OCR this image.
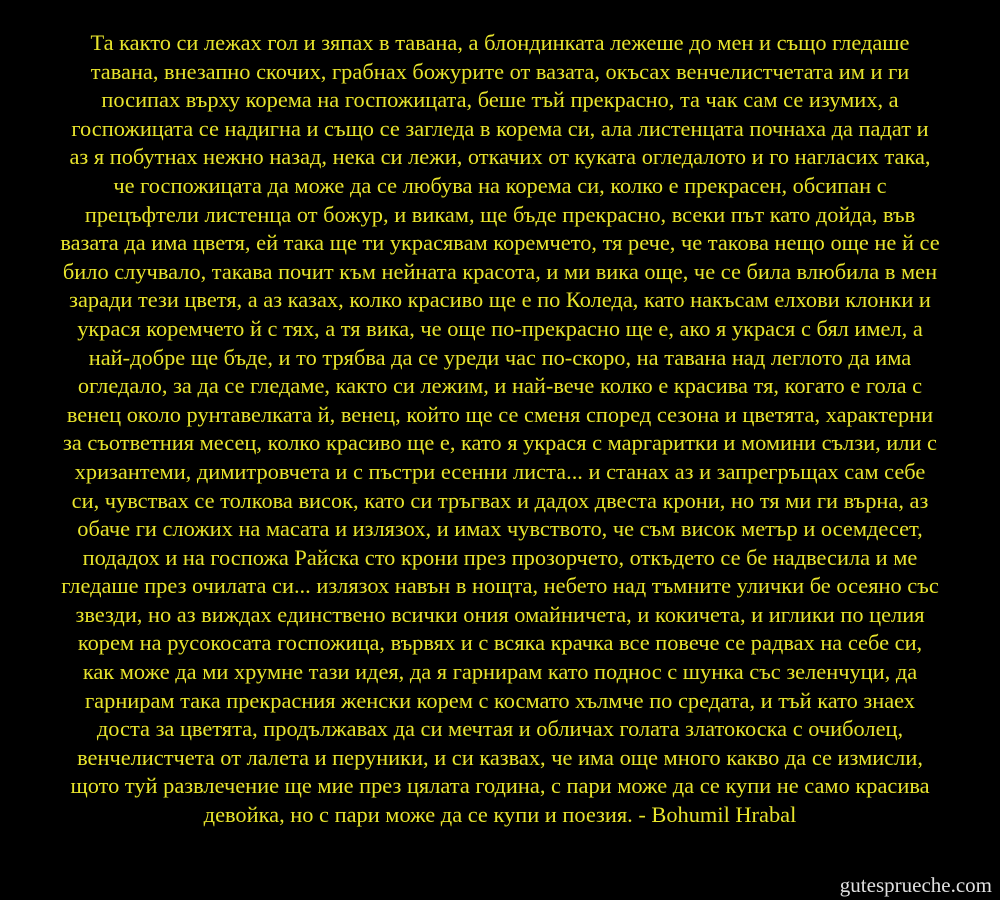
Та както си лежах гол и зяпах в тавана, а блондинката лежеше до мен и също гледаше
тавана, внезапно скочих, грабнах божурите от вазата, окъсах венчелистчетата им и ги
посипах върху корема на госпожицата, беше тъй прекрасно, та чак сам се изумих, а
госпожицата се надигна и също се загледа в корема си, ала листенцата почнаха да падат и
аз я побутнах нежно назад, нека си лежи, откачих от куката огледалото и го нагласих така,
че госпожицата да може да се любува на корема си, колко е прекрасен, обсипан с
прецъфтели листенца от божур, и викам, ще бъде прекрасно, всеки път като дойда, във
вазата да има цветя, ей така ще ти украсявам коремчето, тя рече, че такова нещо още не й се
било случвало, такава почит към нейната красота, и ми вика още, че се била влюбила в мен
заради тези цветя, а аз казах, колко красиво ще е по Коледа, като накъсам елхови клонки и
украся коремчето й с тях, а тя вика, че още по-прекрасно ще е, ако я украся с бял имел, а
най-добре ще бъде, и то трябва да се уреди час по-скоро, на тавана над леглото да има
огледало, за да се гледаме, както си лежим, и най-вече колко е красива тя, когато е гола с
венец около рунтавелката й, венец, който ще се сменя според сезона и цветята, характерни
за съответния месец, колко красиво ще е, като я украся с маргаритки и момини сълзи, или с
хризантеми, димитровчета и с пъстри есенни листа... и станах аз и запрегръщах сам себе
си, чувствах се толкова висок, като си тръгвах и дадох двеста крони, но тя ми ги върна, аз
обаче ги сложих на масата и излязох, и имах чувството, че съм висок метър и осемдесет,
подадох и на госпожа Райска сто крони през прозорчето, откъдето се бе надвесила и ме
гледаше през очилата си... излязох навън в нощта, небето над тъмните улички бе осеяно със
звезди, но аз виждах единствено всички ония омайничета, и кокичета, и иглики по целия
корем на русокосата госпожица, вървях и с всяка крачка все повече се радвах на себе си,
как може да ми хрумне тази идея, да я гарнирам като поднос с шунка със зеленчуци, да
гарнирам така прекрасния женски корем с космато хълмче по средата, и тъй като знаех
доста за цветята, продължавах да си мечтая и обличах голата златокоска с очиболец,
венчелистчета от лалета и перуники, и си казвах, че има още много какво да се измисли,
щото туй развлечение ще мие през цялата година, с пари може да се купи не само красива
девойка, но с пари може да се купи и поезия. - Bohumil Hrabal
gutesprueche.com
